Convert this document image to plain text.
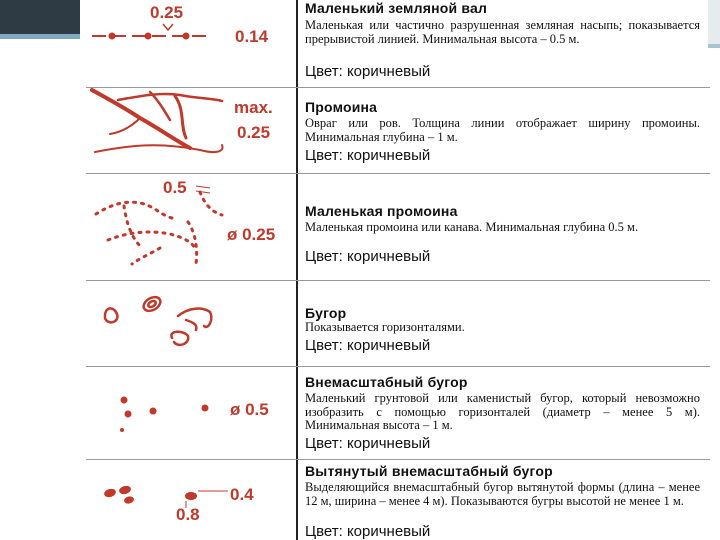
0.25
0.14
Маленький земляной вал
Маленькая или частично разрушенная земляная насыпь; показывается прерывистой линией. Минимальная высота – 0.5 м.
Цвет: коричневый
max.
0.25
Промоина
Овраг или ров. Толщина линии отображает ширину промоины. Минимальная глубина – 1 м.
Цвет: коричневый
0.5
ø 0.25
Маленькая промоина
Маленькая промоина или канава. Минимальная глубина 0.5 м.
Цвет: коричневый
Бугор
Показывается горизонталями.
Цвет: коричневый
ø 0.5
Внемасштабный бугор
Маленький грунтовой или каменистый бугор, который невозможно изобразить с помощью горизонталей (диаметр – менее 5 м). Минимальная высота – 1 м.
Цвет: коричневый
0.4
0.8
Вытянутый внемасштабный бугор
Выделяющийся внемасштабный бугор вытянутой формы (длина – менее 12 м, ширина – менее 4 м). Показываются бугры высотой не менее 1 м.
Цвет: коричневый
